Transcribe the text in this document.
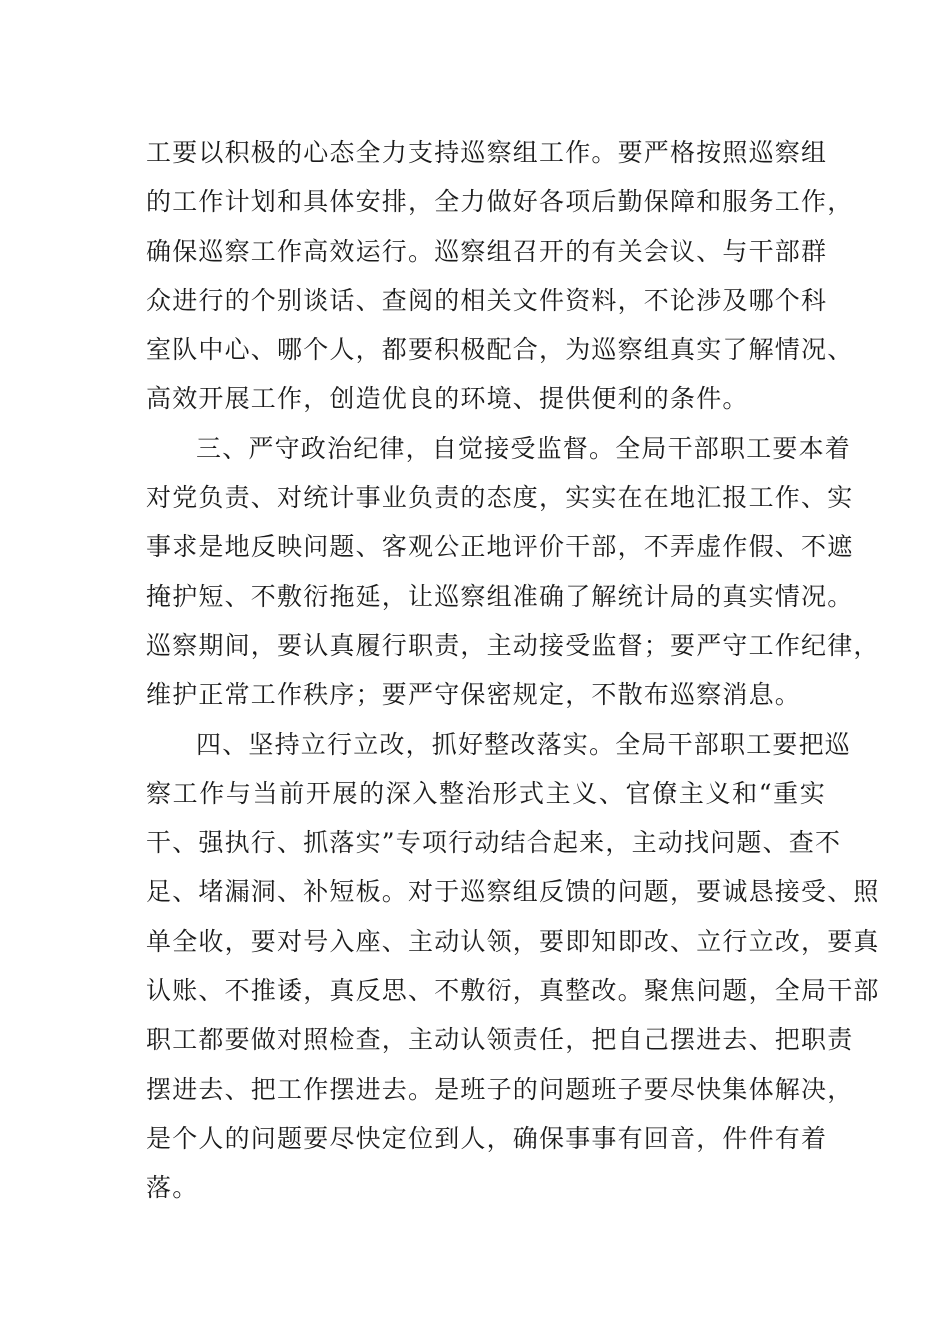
工要以积极的心态全力支持巡察组工作。要严格按照巡察组
的工作计划和具体安排，全力做好各项后勤保障和服务工作，
确保巡察工作高效运行。巡察组召开的有关会议、与干部群
众进行的个别谈话、查阅的相关文件资料，不论涉及哪个科
室队中心、哪个人，都要积极配合，为巡察组真实了解情况、
高效开展工作，创造优良的环境、提供便利的条件。
三、严守政治纪律，自觉接受监督。全局干部职工要本着
对党负责、对统计事业负责的态度，实实在在地汇报工作、实
事求是地反映问题、客观公正地评价干部，不弄虚作假、不遮
掩护短、不敷衍拖延，让巡察组准确了解统计局的真实情况。
巡察期间，要认真履行职责，主动接受监督；要严守工作纪律，
维护正常工作秩序；要严守保密规定，不散布巡察消息。
四、坚持立行立改，抓好整改落实。全局干部职工要把巡
察工作与当前开展的深入整治形式主义、官僚主义和“重实
干、强执行、抓落实”专项行动结合起来，主动找问题、查不
足、堵漏洞、补短板。对于巡察组反馈的问题，要诚恳接受、照
单全收，要对号入座、主动认领，要即知即改、立行立改，要真
认账、不推诿，真反思、不敷衍，真整改。聚焦问题，全局干部
职工都要做对照检查，主动认领责任，把自己摆进去、把职责
摆进去、把工作摆进去。是班子的问题班子要尽快集体解决，
是个人的问题要尽快定位到人，确保事事有回音，件件有着
落。
